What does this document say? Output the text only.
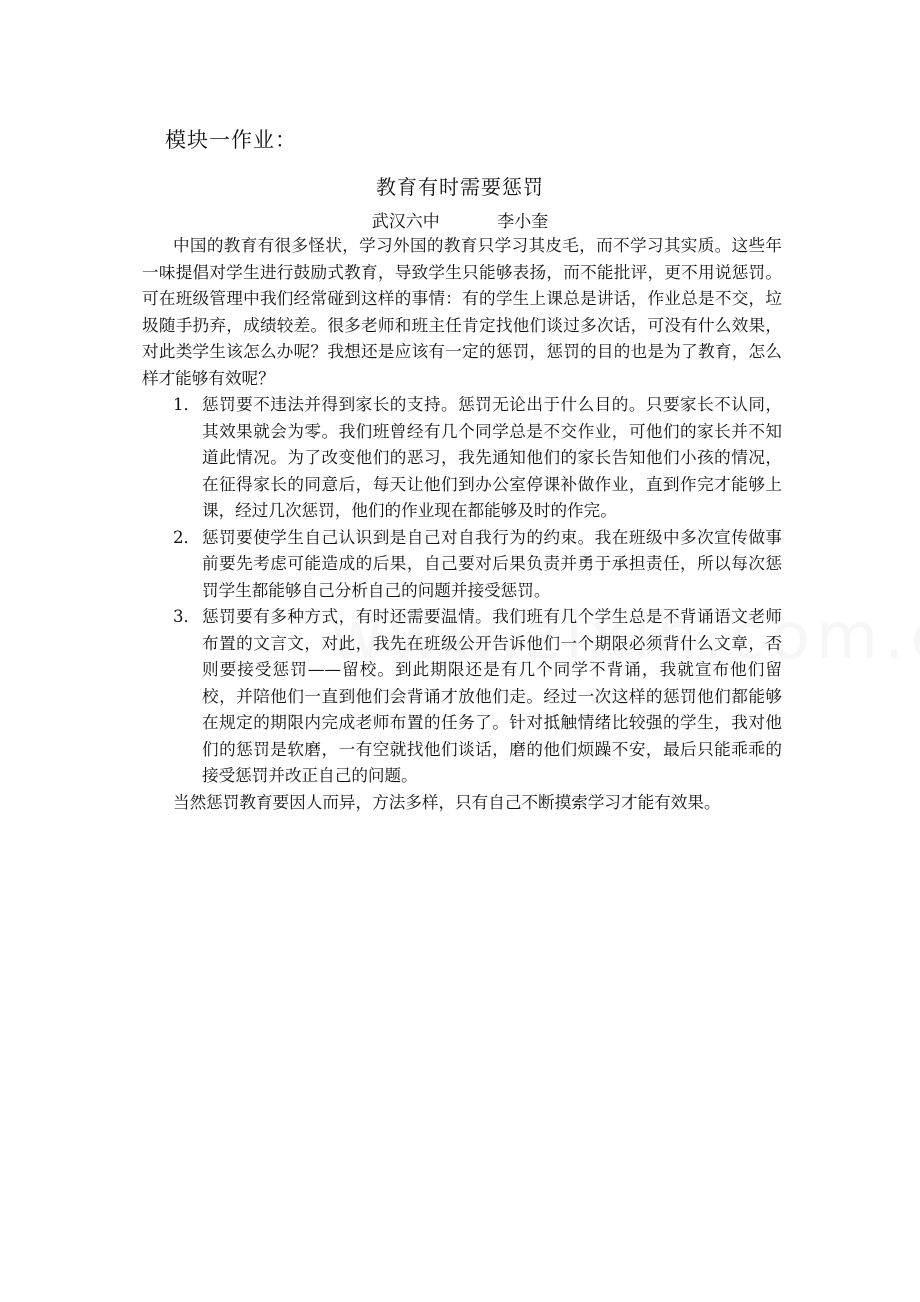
模块一作业：
教育有时需要惩罚
武汉六中	李小奎

中国的教育有很多怪状，学习外国的教育只学习其皮毛，而不学习其实质。这些年一味提倡对学生进行鼓励式教育，导致学生只能够表扬，而不能批评，更不用说惩罚。可在班级管理中我们经常碰到这样的事情：有的学生上课总是讲话，作业总是不交，垃圾随手扔弃，成绩较差。很多老师和班主任肯定找他们谈过多次话，可没有什么效果，对此类学生该怎么办呢？我想还是应该有一定的惩罚，惩罚的目的也是为了教育，怎么样才能够有效呢？

1． 惩罚要不违法并得到家长的支持。惩罚无论出于什么目的。只要家长不认同，其效果就会为零。我们班曾经有几个同学总是不交作业，可他们的家长并不知道此情况。为了改变他们的恶习，我先通知他们的家长告知他们小孩的情况，在征得家长的同意后，每天让他们到办公室停课补做作业，直到作完才能够上课，经过几次惩罚，他们的作业现在都能够及时的作完。
2． 惩罚要使学生自己认识到是自己对自我行为的约束。我在班级中多次宣传做事前要先考虑可能造成的后果，自己要对后果负责并勇于承担责任，所以每次惩罚学生都能够自己分析自己的问题并接受惩罚。
3． 惩罚要有多种方式，有时还需要温情。我们班有几个学生总是不背诵语文老师布置的文言文，对此，我先在班级公开告诉他们一个期限必须背什么文章，否则要接受惩罚——留校。到此期限还是有几个同学不背诵，我就宣布他们留校，并陪他们一直到他们会背诵才放他们走。经过一次这样的惩罚他们都能够在规定的期限内完成老师布置的任务了。针对抵触情绪比较强的学生，我对他们的惩罚是软磨，一有空就找他们谈话，磨的他们烦躁不安，最后只能乖乖的接受惩罚并改正自己的问题。

当然惩罚教育要因人而异，方法多样，只有自己不断摸索学习才能有效果。
